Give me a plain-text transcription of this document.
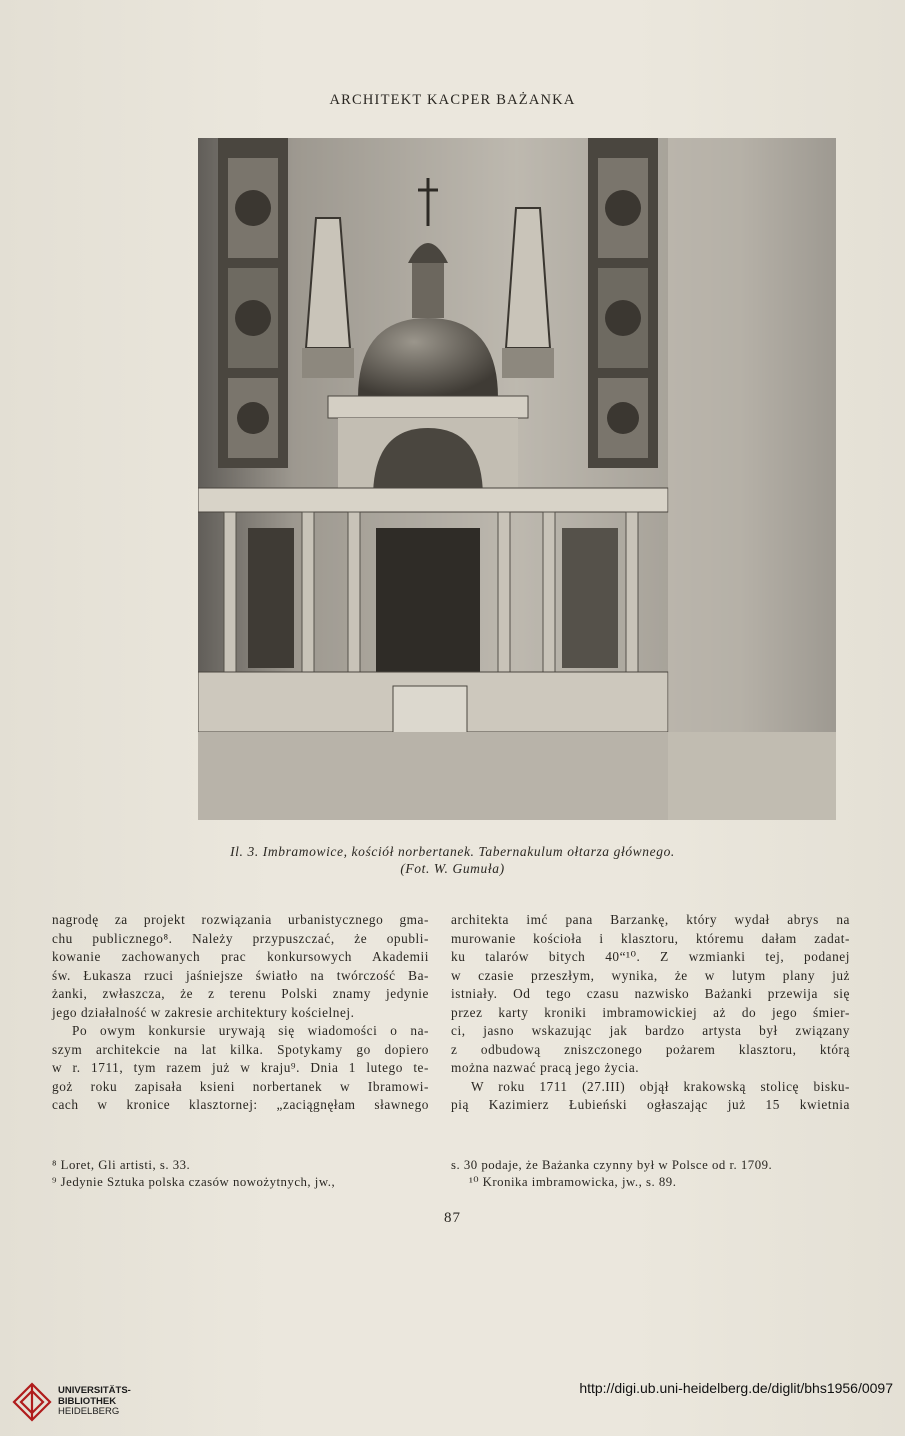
ARCHITEKT KACPER BAŻANKA
Il. 3. Imbramowice, kościół norbertanek. Tabernakulum ołtarza głównego.
(Fot. W. Gumuła)
nagrodę za projekt rozwiązania urbanistycznego gma-
chu publicznego⁸. Należy przypuszczać, że opubli-
kowanie zachowanych prac konkursowych Akademii
św. Łukasza rzuci jaśniejsze światło na twórczość Ba-
żanki, zwłaszcza, że z terenu Polski znamy jedynie
jego działalność w zakresie architektury kościelnej.
Po owym konkursie urywają się wiadomości o na-
szym architekcie na lat kilka. Spotykamy go dopiero
w r. 1711, tym razem już w kraju⁹. Dnia 1 lutego te-
goż roku zapisała ksieni norbertanek w Ibramowi-
cach w kronice klasztornej: „zaciągnęłam sławnego
architekta imć pana Barzankę, który wydał abrys na
murowanie kościoła i klasztoru, któremu dałam zadat-
ku talarów bitych 40“¹⁰. Z wzmianki tej, podanej
w czasie przeszłym, wynika, że w lutym plany już
istniały. Od tego czasu nazwisko Bażanki przewija się
przez karty kroniki imbramowickiej aż do jego śmier-
ci, jasno wskazując jak bardzo artysta był związany
z odbudową zniszczonego pożarem klasztoru, którą
można nazwać pracą jego życia.
W roku 1711 (27.III) objął krakowską stolicę bisku-
pią Kazimierz Łubieński ogłaszając już 15 kwietnia
⁸ Loret, Gli artisti, s. 33.
⁹ Jedynie Sztuka polska czasów nowożytnych, jw.,
s. 30 podaje, że Bażanka czynny był w Polsce od r. 1709.
¹⁰ Kronika imbramowicka, jw., s. 89.
87
UNIVERSITÄTS-
BIBLIOTHEK
HEIDELBERG
http://digi.ub.uni-heidelberg.de/diglit/bhs1956/0097
